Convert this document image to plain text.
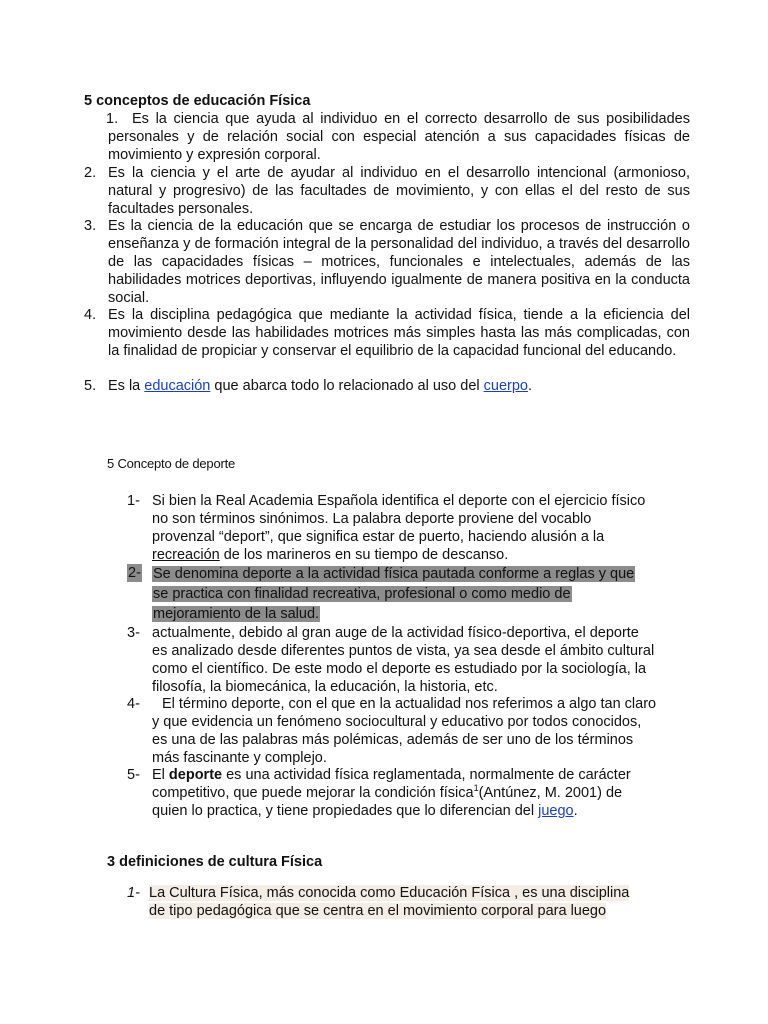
5 conceptos de educación Física
1. Es la ciencia que ayuda al individuo en el correcto desarrollo de sus posibilidades personales y de relación social con especial atención a sus capacidades físicas de movimiento y expresión corporal.
2. Es la ciencia y el arte de ayudar al individuo en el desarrollo intencional (armonioso, natural y progresivo) de las facultades de movimiento, y con ellas el del resto de sus facultades personales.
3. Es la ciencia de la educación que se encarga de estudiar los procesos de instrucción o enseñanza y de formación integral de la personalidad del individuo, a través del desarrollo de las capacidades físicas – motrices, funcionales e intelectuales, además de las habilidades motrices deportivas, influyendo igualmente de manera positiva en la conducta social.
4. Es la disciplina pedagógica que mediante la actividad física, tiende a la eficiencia del movimiento desde las habilidades motrices más simples hasta las más complicadas, con la finalidad de propiciar y conservar el equilibrio de la capacidad funcional del educando.
5. Es la educación que abarca todo lo relacionado al uso del cuerpo.
5 Concepto de deporte
1- Si bien la Real Academia Española identifica el deporte con el ejercicio físico no son términos sinónimos. La palabra deporte proviene del vocablo provenzal “deport”, que significa estar de puerto, haciendo alusión a la recreación de los marineros en su tiempo de descanso.
2- Se denomina deporte a la actividad física pautada conforme a reglas y que
se practica con finalidad recreativa, profesional o como medio de
mejoramiento de la salud.
3- actualmente, debido al gran auge de la actividad físico-deportiva, el deporte es analizado desde diferentes puntos de vista, ya sea desde el ámbito cultural como el científico. De este modo el deporte es estudiado por la sociología, la filosofía, la biomecánica, la educación, la historia, etc.
4-	El término deporte, con el que en la actualidad nos referimos a algo tan claro y que evidencia un fenómeno sociocultural y educativo por todos conocidos, es una de las palabras más polémicas, además de ser uno de los términos más fascinante y complejo.
5- El deporte es una actividad física reglamentada, normalmente de carácter competitivo, que puede mejorar la condición física$^1$(Antúnez, M. 2001) de quien lo practica, y tiene propiedades que lo diferencian del juego.
3 definiciones de cultura Física
1- La Cultura Física, más conocida como Educación Física , es una disciplina
de tipo pedagógica que se centra en el movimiento corporal para luego
